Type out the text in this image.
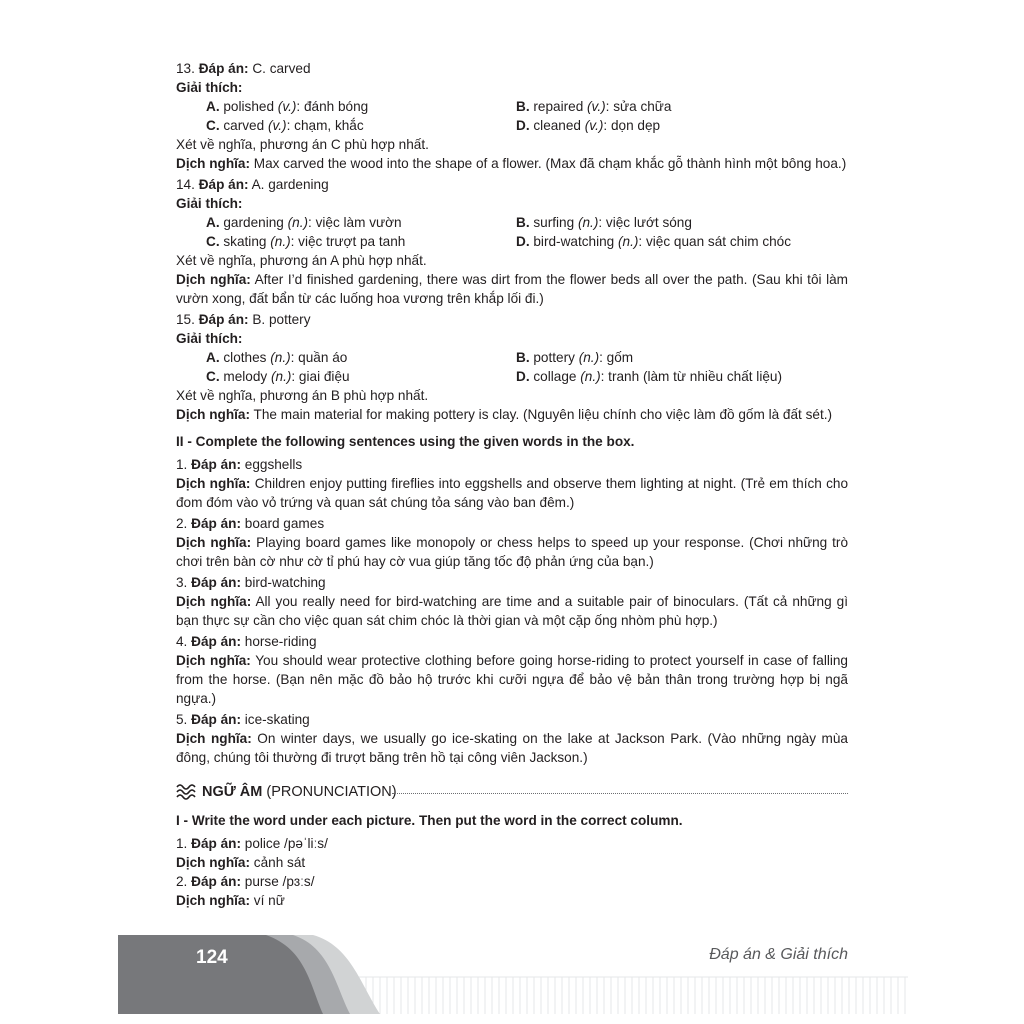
13. Đáp án: C. carved
Giải thích:
A. polished (v.): đánh bóng	B. repaired (v.): sửa chữa
C. carved (v.): chạm, khắc	D. cleaned (v.): dọn dẹp
Xét về nghĩa, phương án C phù hợp nhất.
Dịch nghĩa: Max carved the wood into the shape of a flower. (Max đã chạm khắc gỗ thành hình một bông hoa.)
14. Đáp án: A. gardening
Giải thích:
A. gardening (n.): việc làm vườn	B. surfing (n.): việc lướt sóng
C. skating (n.): việc trượt pa tanh	D. bird-watching (n.): việc quan sát chim chóc
Xét về nghĩa, phương án A phù hợp nhất.
Dịch nghĩa: After I’d finished gardening, there was dirt from the flower beds all over the path. (Sau khi tôi làm vườn xong, đất bẩn từ các luống hoa vương trên khắp lối đi.)
15. Đáp án: B. pottery
Giải thích:
A. clothes (n.): quần áo	B. pottery (n.): gốm
C. melody (n.): giai điệu	D. collage (n.): tranh (làm từ nhiều chất liệu)
Xét về nghĩa, phương án B phù hợp nhất.
Dịch nghĩa: The main material for making pottery is clay. (Nguyên liệu chính cho việc làm đồ gốm là đất sét.)
II - Complete the following sentences using the given words in the box.
1. Đáp án: eggshells
Dịch nghĩa: Children enjoy putting fireflies into eggshells and observe them lighting at night. (Trẻ em thích cho đom đóm vào vỏ trứng và quan sát chúng tỏa sáng vào ban đêm.)
2. Đáp án: board games
Dịch nghĩa: Playing board games like monopoly or chess helps to speed up your response. (Chơi những trò chơi trên bàn cờ như cờ tỉ phú hay cờ vua giúp tăng tốc độ phản ứng của bạn.)
3. Đáp án: bird-watching
Dịch nghĩa: All you really need for bird-watching are time and a suitable pair of binoculars. (Tất cả những gì bạn thực sự cần cho việc quan sát chim chóc là thời gian và một cặp ống nhòm phù hợp.)
4. Đáp án: horse-riding
Dịch nghĩa: You should wear protective clothing before going horse-riding to protect yourself in case of falling from the horse. (Bạn nên mặc đồ bảo hộ trước khi cưỡi ngựa để bảo vệ bản thân trong trường hợp bị ngã ngựa.)
5. Đáp án: ice-skating
Dịch nghĩa: On winter days, we usually go ice-skating on the lake at Jackson Park. (Vào những ngày mùa đông, chúng tôi thường đi trượt băng trên hồ tại công viên Jackson.)
NGỮ ÂM (PRONUNCIATION)
I - Write the word under each picture. Then put the word in the correct column.
1. Đáp án: police /pəˈliːs/
Dịch nghĩa: cảnh sát
2. Đáp án: purse /pɜːs/
Dịch nghĩa: ví nữ
124	Đáp án & Giải thích
